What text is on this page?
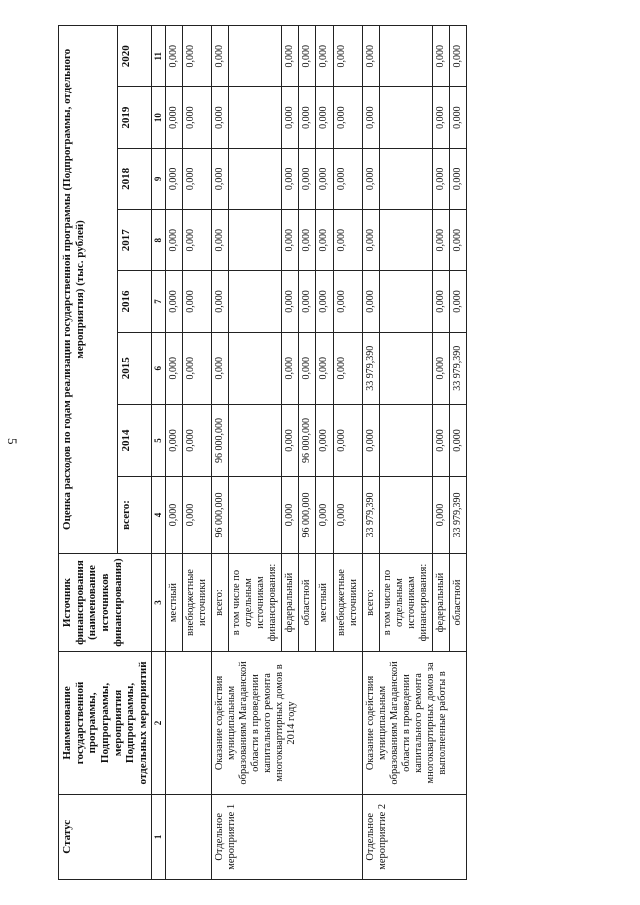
5
Статус	Наименование государственной программы, Подпрограммы, мероприятия Подпрограммы, отдельных мероприятий	Источник финансирования (наименование источников финансирования)	Оценка расходов по годам реализации государственной программы (Подпрограммы, отдельного мероприятия) (тыс. рублей)							
			всего:	2014	2015	2016	2017	2018	2019	2020
1	2	3	4	5	6	7	8	9	10	11
		местный	0,000	0,000	0,000	0,000	0,000	0,000	0,000	0,000
		внебюджетные источники	0,000	0,000	0,000	0,000	0,000	0,000	0,000	0,000
Отдельное мероприятие 1	Оказание содействия муниципальным образованиям Магаданской области в проведении капитального ремонта многоквартирных домов в 2014 году	всего:	96 000,000	96 000,000	0,000	0,000	0,000	0,000	0,000	0,000
		в том числе по отдельным источникам финансирования:								
		федеральный	0,000	0,000	0,000	0,000	0,000	0,000	0,000	0,000
		областной	96 000,000	96 000,000	0,000	0,000	0,000	0,000	0,000	0,000
		местный	0,000	0,000	0,000	0,000	0,000	0,000	0,000	0,000
		внебюджетные источники	0,000	0,000	0,000	0,000	0,000	0,000	0,000	0,000
Отдельное мероприятие 2	Оказание содействия муниципальным образованиям Магаданской области в проведении капитального ремонта многоквартирных домов за выполненные работы в	всего:	33 979,390	0,000	33 979,390	0,000	0,000	0,000	0,000	0,000
		в том числе по отдельным источникам финансирования:								
		федеральный	0,000	0,000	0,000	0,000	0,000	0,000	0,000	0,000
		областной	33 979,390	0,000	33 979,390	0,000	0,000	0,000	0,000	0,000
